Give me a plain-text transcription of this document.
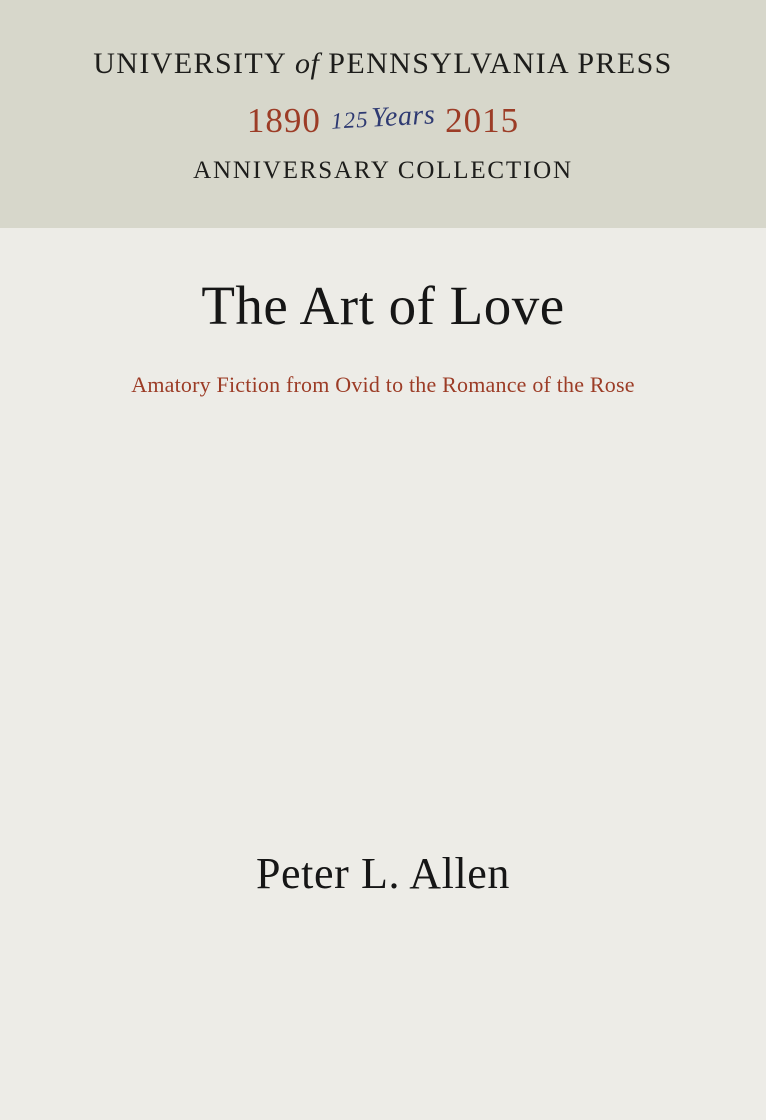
UNIVERSITY of PENNSYLVANIA PRESS
1890 125Years 2015
ANNIVERSARY COLLECTION
The Art of Love
Amatory Fiction from Ovid to the Romance of the Rose
Peter L. Allen
